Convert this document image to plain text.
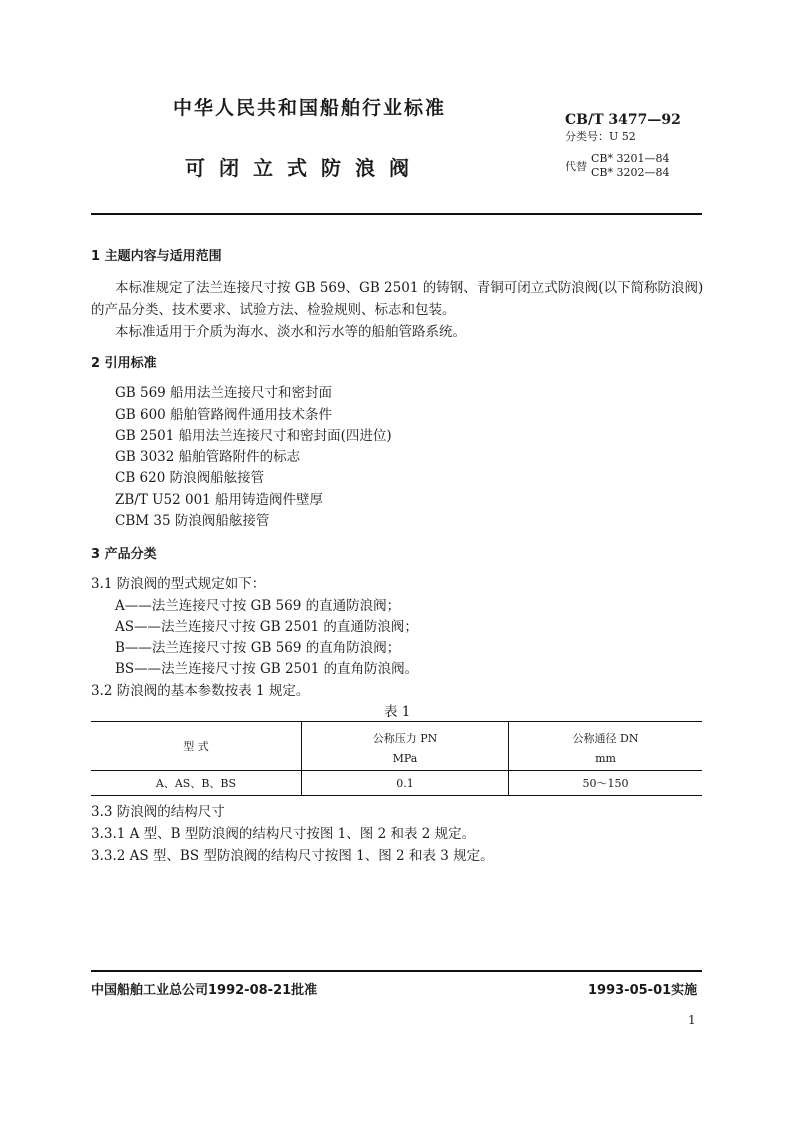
中华人民共和国船舶行业标准
CB/T 3477—92
分类号：U 52
可闭立式防浪阀	代替
CB* 3201—84
CB* 3202—84
1 主题内容与适用范围
本标准规定了法兰连接尺寸按 GB 569、GB 2501 的铸钢、青铜可闭立式防浪阀(以下简称防浪阀)
的产品分类、技术要求、试验方法、检验规则、标志和包装。
本标准适用于介质为海水、淡水和污水等的船舶管路系统。
2 引用标准
GB 569 船用法兰连接尺寸和密封面
GB 600 船舶管路阀件通用技术条件
GB 2501 船用法兰连接尺寸和密封面(四进位)
GB 3032 船舶管路附件的标志
CB 620 防浪阀船舷接管
ZB/T U52 001 船用铸造阀件壁厚
CBM 35 防浪阀船舷接管
3 产品分类
3.1 防浪阀的型式规定如下：
A——法兰连接尺寸按 GB 569 的直通防浪阀；
AS——法兰连接尺寸按 GB 2501 的直通防浪阀；
B——法兰连接尺寸按 GB 569 的直角防浪阀；
BS——法兰连接尺寸按 GB 2501 的直角防浪阀。
3.2 防浪阀的基本参数按表 1 规定。
表 1
型 式	公称压力 PN	公称通径 DN
	MPa	mm
A、AS、B、BS	0.1	50～150
3.3 防浪阀的结构尺寸
3.3.1 A 型、B 型防浪阀的结构尺寸按图 1、图 2 和表 2 规定。
3.3.2 AS 型、BS 型防浪阀的结构尺寸按图 1、图 2 和表 3 规定。
中国船舶工业总公司1992-08-21批准	1993-05-01实施
1
